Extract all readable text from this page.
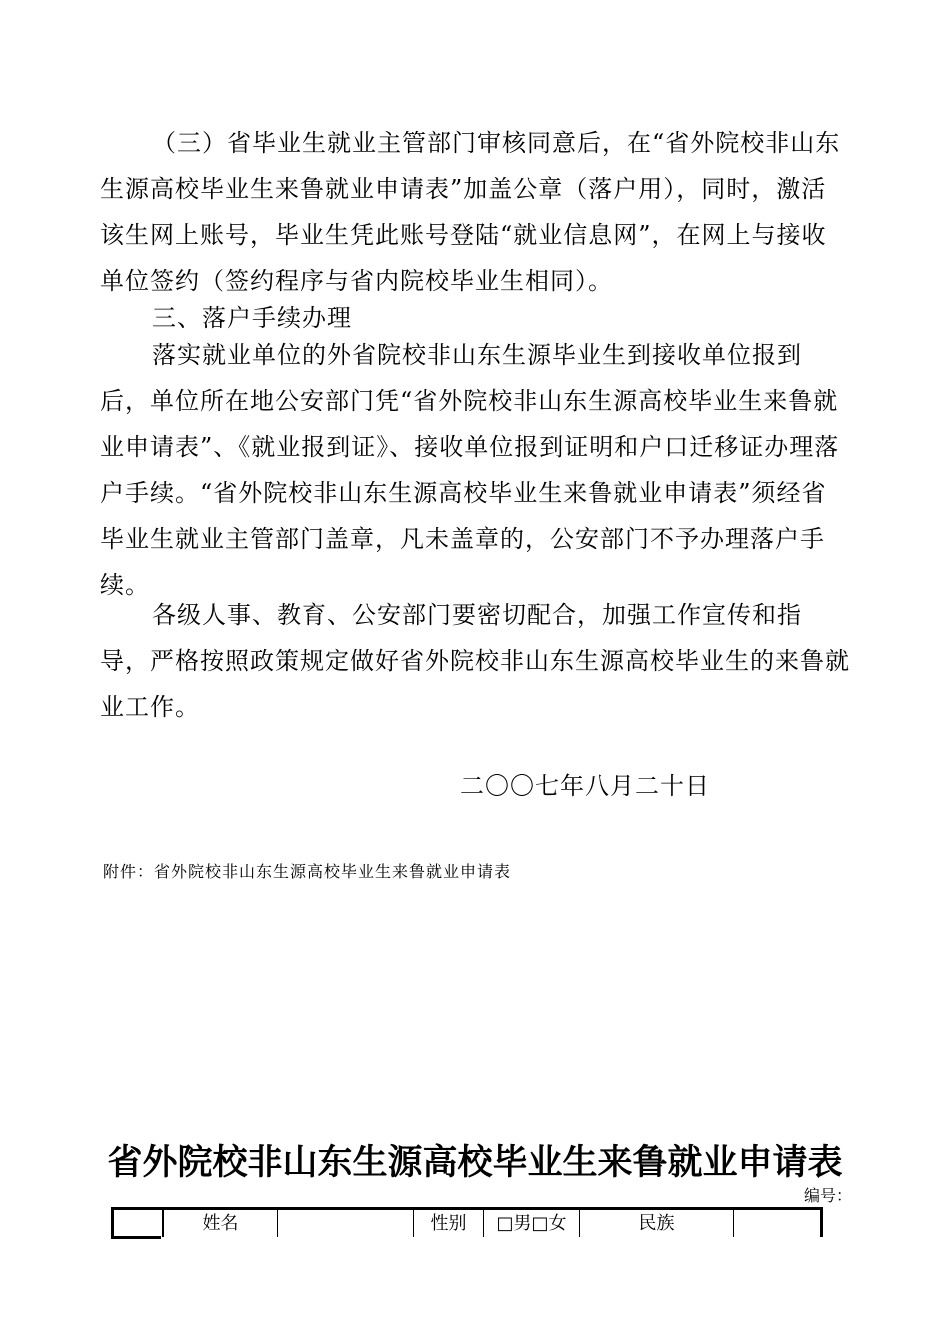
（三）省毕业生就业主管部门审核同意后，在“省外院校非山东生源高校毕业生来鲁就业申请表”加盖公章（落户用），同时，激活该生网上账号，毕业生凭此账号登陆“就业信息网”，在网上与接收单位签约（签约程序与省内院校毕业生相同）。
三、落户手续办理
落实就业单位的外省院校非山东生源毕业生到接收单位报到后，单位所在地公安部门凭“省外院校非山东生源高校毕业生来鲁就业申请表”、《就业报到证》、接收单位报到证明和户口迁移证办理落户手续。“省外院校非山东生源高校毕业生来鲁就业申请表”须经省毕业生就业主管部门盖章，凡未盖章的，公安部门不予办理落户手续。
各级人事、教育、公安部门要密切配合，加强工作宣传和指导，严格按照政策规定做好省外院校非山东生源高校毕业生的来鲁就业工作。
二〇〇七年八月二十日
附件：省外院校非山东生源高校毕业生来鲁就业申请表
省外院校非山东生源高校毕业生来鲁就业申请表
编号：
姓名	性别	□男□女	民族
